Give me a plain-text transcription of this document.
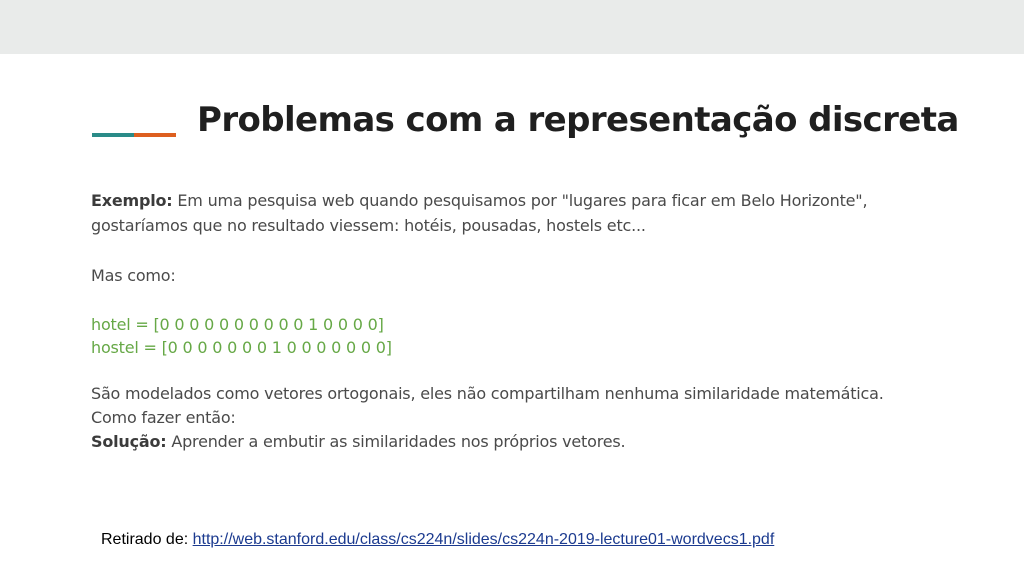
Problemas com a representação discreta
Exemplo: Em uma pesquisa web quando pesquisamos por "lugares para ficar em Belo Horizonte",
gostaríamos que no resultado viessem: hotéis, pousadas, hostels etc...
Mas como:
hotel = [0 0 0 0 0 0 0 0 0 0 1 0 0 0 0]
hostel = [0 0 0 0 0 0 0 1 0 0 0 0 0 0 0]
São modelados como vetores ortogonais, eles não compartilham nenhuma similaridade matemática.
Como fazer então:
Solução: Aprender a embutir as similaridades nos próprios vetores.
Retirado de: http://web.stanford.edu/class/cs224n/slides/cs224n-2019-lecture01-wordvecs1.pdf
